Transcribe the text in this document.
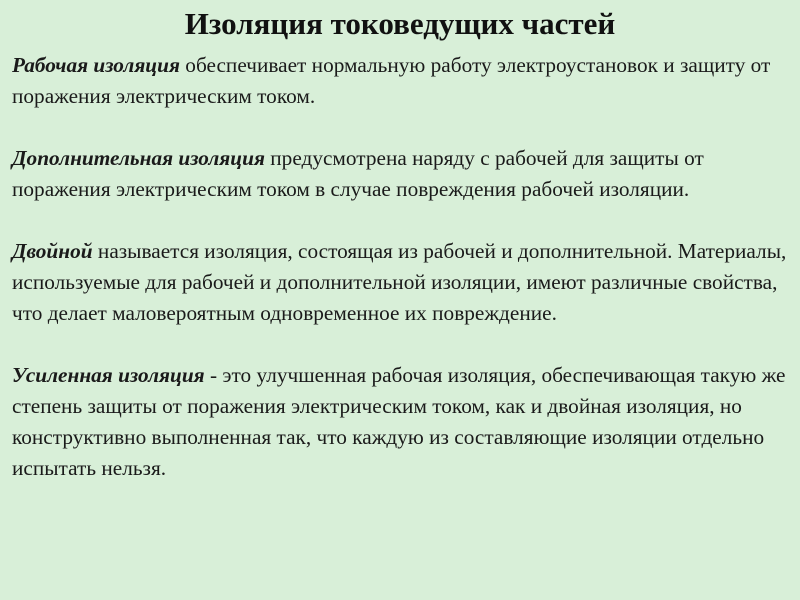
Изоляция токоведущих частей

Рабочая изоляция обеспечивает нормальную работу электроустановок и защиту от поражения электрическим током.

Дополнительная изоляция предусмотрена наряду с рабочей для защиты от поражения электрическим током в случае повреждения рабочей изоляции.

Двойной называется изоляция, состоящая из рабочей и дополнительной. Материалы, используемые для рабочей и дополнительной изоляции, имеют различные свойства, что делает маловероятным одновременное их повреждение.

Усиленная изоляция - это улучшенная рабочая изоляция, обеспечивающая такую же степень защиты от поражения электрическим током, как и двойная изоляция, но конструктивно выполненная так, что каждую из составляющие изоляции отдельно испытать нельзя.
